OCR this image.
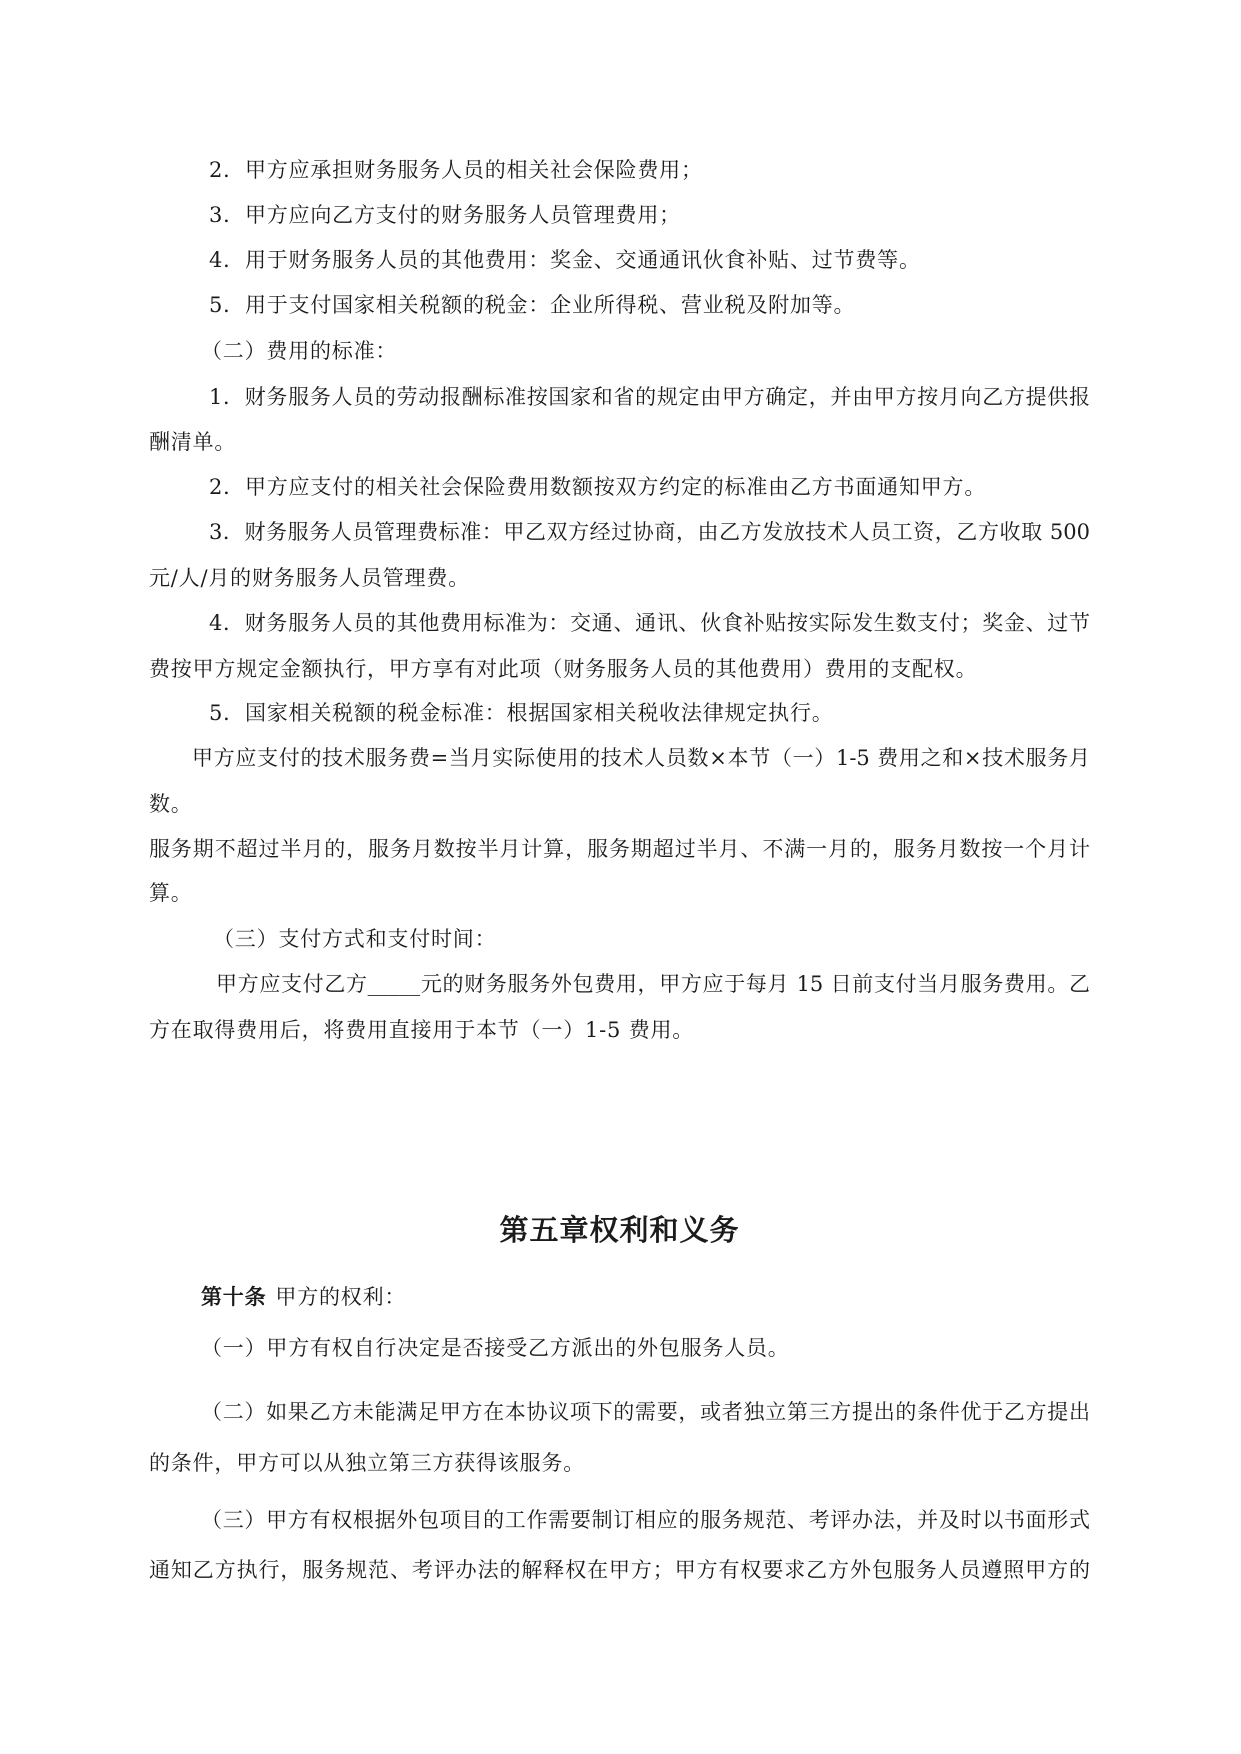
2．甲方应承担财务服务人员的相关社会保险费用；
3．甲方应向乙方支付的财务服务人员管理费用；
4．用于财务服务人员的其他费用：奖金、交通通讯伙食补贴、过节费等。
5．用于支付国家相关税额的税金：企业所得税、营业税及附加等。
（二）费用的标准：
1．财务服务人员的劳动报酬标准按国家和省的规定由甲方确定，并由甲方按月向乙方提供报
酬清单。
2．甲方应支付的相关社会保险费用数额按双方约定的标准由乙方书面通知甲方。
3．财务服务人员管理费标准：甲乙双方经过协商，由乙方发放技术人员工资，乙方收取 500
元/人/月的财务服务人员管理费。
4．财务服务人员的其他费用标准为：交通、通讯、伙食补贴按实际发生数支付；奖金、过节
费按甲方规定金额执行，甲方享有对此项（财务服务人员的其他费用）费用的支配权。
5．国家相关税额的税金标准：根据国家相关税收法律规定执行。
甲方应支付的技术服务费=当月实际使用的技术人员数×本节（一）1-5 费用之和×技术服务月
数。
服务期不超过半月的，服务月数按半月计算，服务期超过半月、不满一月的，服务月数按一个月计
算。
（三）支付方式和支付时间：
甲方应支付乙方_____元的财务服务外包费用，甲方应于每月 15 日前支付当月服务费用。乙
方在取得费用后，将费用直接用于本节（一）1-5 费用。
第五章权利和义务
第十条 甲方的权利：
（一）甲方有权自行决定是否接受乙方派出的外包服务人员。
（二）如果乙方未能满足甲方在本协议项下的需要，或者独立第三方提出的条件优于乙方提出
的条件，甲方可以从独立第三方获得该服务。
（三）甲方有权根据外包项目的工作需要制订相应的服务规范、考评办法，并及时以书面形式
通知乙方执行，服务规范、考评办法的解释权在甲方；甲方有权要求乙方外包服务人员遵照甲方的
